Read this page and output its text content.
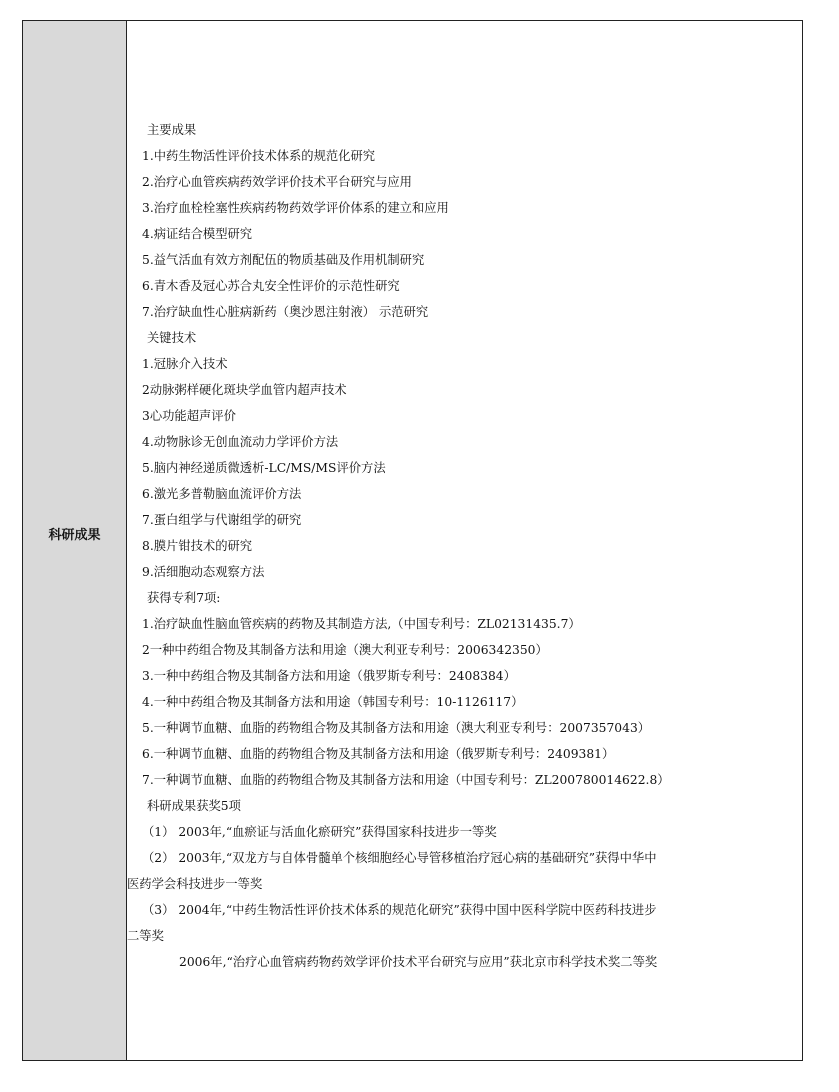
科研成果
主要成果
1.中药生物活性评价技术体系的规范化研究
2.治疗心血管疾病药效学评价技术平台研究与应用
3.治疗血栓栓塞性疾病药物药效学评价体系的建立和应用
4.病证结合模型研究
5.益气活血有效方剂配伍的物质基础及作用机制研究
6.青木香及冠心苏合丸安全性评价的示范性研究
7.治疗缺血性心脏病新药（奥沙恩注射液） 示范研究
关键技术
1.冠脉介入技术
2动脉粥样硬化斑块学血管内超声技术
3心功能超声评价
4.动物脉诊无创血流动力学评价方法
5.脑内神经递质微透析-LC/MS/MS评价方法
6.激光多普勒脑血流评价方法
7.蛋白组学与代谢组学的研究
8.膜片钳技术的研究
9.活细胞动态观察方法
获得专利7项:
1.治疗缺血性脑血管疾病的药物及其制造方法,（中国专利号：ZL02131435.7）
2一种中药组合物及其制备方法和用途（澳大利亚专利号：2006342350）
3.一种中药组合物及其制备方法和用途（俄罗斯专利号：2408384）
4.一种中药组合物及其制备方法和用途（韩国专利号：10-1126117）
5.一种调节血糖、血脂的药物组合物及其制备方法和用途（澳大利亚专利号：2007357043）
6.一种调节血糖、血脂的药物组合物及其制备方法和用途（俄罗斯专利号：2409381）
7.一种调节血糖、血脂的药物组合物及其制备方法和用途（中国专利号：ZL200780014622.8）
科研成果获奖5项
（1） 2003年,“血瘀证与活血化瘀研究”获得国家科技进步一等奖
（2） 2003年,“双龙方与自体骨髓单个核细胞经心导管移植治疗冠心病的基础研究”获得中华中
医药学会科技进步一等奖
（3） 2004年,“中药生物活性评价技术体系的规范化研究”获得中国中医科学院中医药科技进步
二等奖
2006年,“治疗心血管病药物药效学评价技术平台研究与应用”获北京市科学技术奖二等奖
